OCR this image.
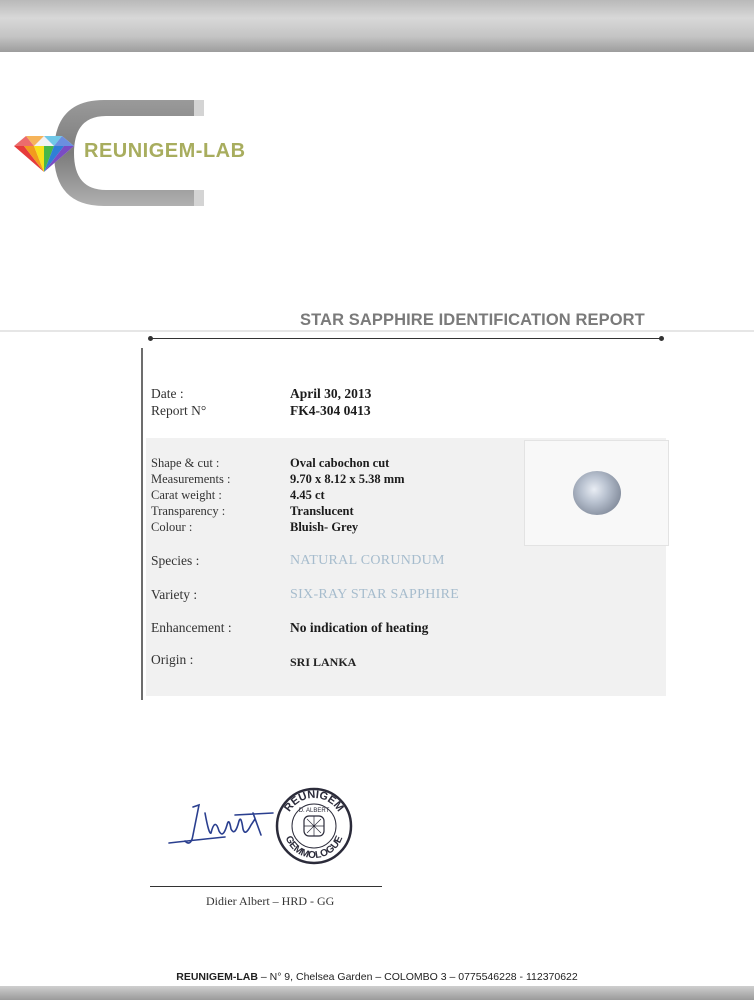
REUNIGEM-LAB
STAR SAPPHIRE IDENTIFICATION REPORT
Date :	April 30, 2013
Report N°	FK4-304 0413
Shape & cut :	Oval cabochon cut
Measurements :	9.70 x 8.12 x 5.38 mm
Carat weight :	4.45 ct
Transparency :	Translucent
Colour :	Bluish- Grey
Species :	NATURAL CORUNDUM
Variety :	SIX-RAY STAR SAPPHIRE
Enhancement :	No indication of heating
Origin :	SRI LANKA
REUNIGEM
D. ALBERT
GEMMOLOGUE
Didier Albert – HRD - GG
REUNIGEM-LAB – N° 9, Chelsea Garden – COLOMBO 3 – 0775546228 - 112370622
